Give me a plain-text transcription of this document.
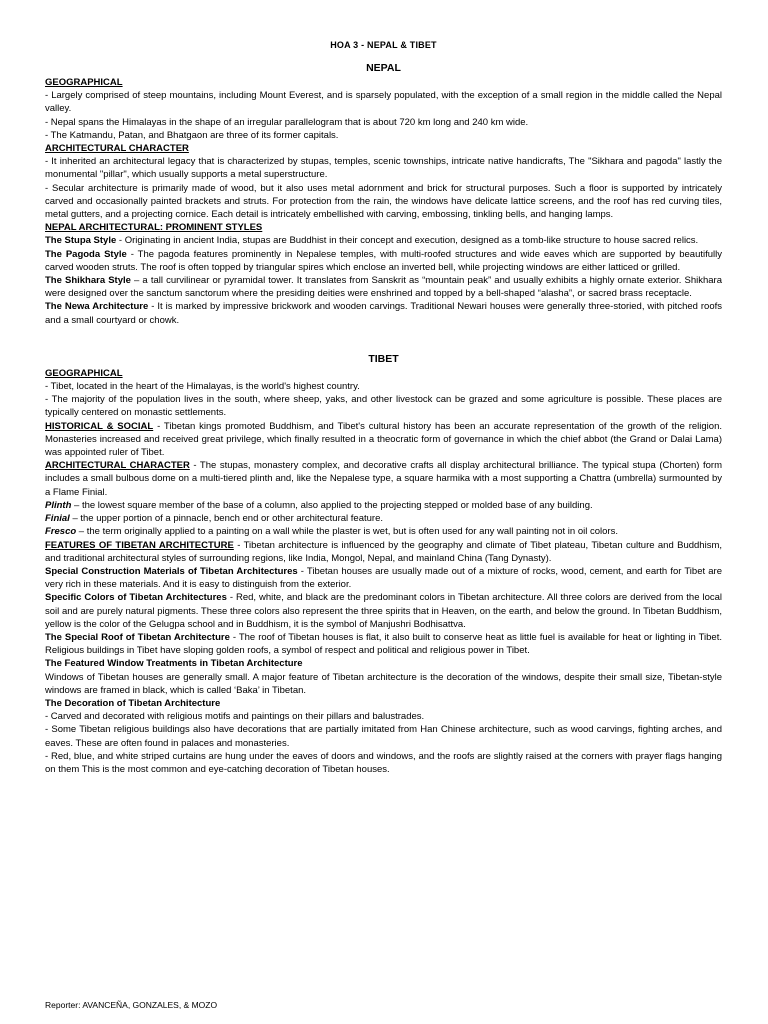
HOA 3 - NEPAL & TIBET
NEPAL

GEOGRAPHICAL

- Largely comprised of steep mountains, including Mount Everest, and is sparsely populated, with the exception of a small region in the middle called the Nepal valley.

- Nepal spans the Himalayas in the shape of an irregular parallelogram that is about 720 km long and 240 km wide.

- The Katmandu, Patan, and Bhatgaon are three of its former capitals.

ARCHITECTURAL CHARACTER

- It inherited an architectural legacy that is characterized by stupas, temples, scenic townships, intricate native handicrafts, The "Sikhara and pagoda" lastly the monumental "pillar", which usually supports a metal superstructure.

- Secular architecture is primarily made of wood, but it also uses metal adornment and brick for structural purposes. Such a floor is supported by intricately carved and occasionally painted brackets and struts. For protection from the rain, the windows have delicate lattice screens, and the roof has red curving tiles, metal gutters, and a projecting cornice. Each detail is intricately embellished with carving, embossing, tinkling bells, and hanging lamps.

NEPAL ARCHITECTURAL: PROMINENT STYLES

The Stupa Style - Originating in ancient India, stupas are Buddhist in their concept and execution, designed as a tomb-like structure to house sacred relics.

The Pagoda Style - The pagoda features prominently in Nepalese temples, with multi-roofed structures and wide eaves which are supported by beautifully carved wooden struts. The roof is often topped by triangular spires which enclose an inverted bell, while projecting windows are either latticed or grilled.

The Shikhara Style – a tall curvilinear or pyramidal tower. It translates from Sanskrit as “mountain peak” and usually exhibits a highly ornate exterior. Shikhara were designed over the sanctum sanctorum where the presiding deities were enshrined and topped by a bell-shaped “alasha”, or sacred brass receptacle.

The Newa Architecture - It is marked by impressive brickwork and wooden carvings. Traditional Newari houses were generally three-storied, with pitched roofs and a small courtyard or chowk.

TIBET

GEOGRAPHICAL

- Tibet, located in the heart of the Himalayas, is the world's highest country.

- The majority of the population lives in the south, where sheep, yaks, and other livestock can be grazed and some agriculture is possible. These places are typically centered on monastic settlements.

HISTORICAL & SOCIAL - Tibetan kings promoted Buddhism, and Tibet's cultural history has been an accurate representation of the growth of the religion. Monasteries increased and received great privilege, which finally resulted in a theocratic form of governance in which the chief abbot (the Grand or Dalai Lama) was appointed ruler of Tibet.

ARCHITECTURAL CHARACTER - The stupas, monastery complex, and decorative crafts all display architectural brilliance. The typical stupa (Chorten) form includes a small bulbous dome on a multi-tiered plinth and, like the Nepalese type, a square harmika with a most supporting a Chattra (umbrella) surmounted by a Flame Finial.

Plinth – the lowest square member of the base of a column, also applied to the projecting stepped or molded base of any building.

Finial – the upper portion of a pinnacle, bench end or other architectural feature.

Fresco – the term originally applied to a painting on a wall while the plaster is wet, but is often used for any wall painting not in oil colors.

FEATURES OF TIBETAN ARCHITECTURE - Tibetan architecture is influenced by the geography and climate of Tibet plateau, Tibetan culture and Buddhism, and traditional architectural styles of surrounding regions, like India, Mongol, Nepal, and mainland China (Tang Dynasty).

Special Construction Materials of Tibetan Architectures - Tibetan houses are usually made out of a mixture of rocks, wood, cement, and earth for Tibet are very rich in these materials. And it is easy to distinguish from the exterior.

Specific Colors of Tibetan Architectures - Red, white, and black are the predominant colors in Tibetan architecture. All three colors are derived from the local soil and are purely natural pigments. These three colors also represent the three spirits that in Heaven, on the earth, and below the ground. In Tibetan Buddhism, yellow is the color of the Gelugpa school and in Buddhism, it is the symbol of Manjushri Bodhisattva.

The Special Roof of Tibetan Architecture - The roof of Tibetan houses is flat, it also built to conserve heat as little fuel is available for heat or lighting in Tibet. Religious buildings in Tibet have sloping golden roofs, a symbol of respect and political and religious power in Tibet.

The Featured Window Treatments in Tibetan Architecture

Windows of Tibetan houses are generally small. A major feature of Tibetan architecture is the decoration of the windows, despite their small size, Tibetan-style windows are framed in black, which is called ‘Baka’ in Tibetan.

The Decoration of Tibetan Architecture

- Carved and decorated with religious motifs and paintings on their pillars and balustrades.

- Some Tibetan religious buildings also have decorations that are partially imitated from Han Chinese architecture, such as wood carvings, fighting arches, and eaves. These are often found in palaces and monasteries.

- Red, blue, and white striped curtains are hung under the eaves of doors and windows, and the roofs are slightly raised at the corners with prayer flags hanging on them This is the most common and eye-catching decoration of Tibetan houses.

Reporter: AVANCEÑA, GONZALES, & MOZO
